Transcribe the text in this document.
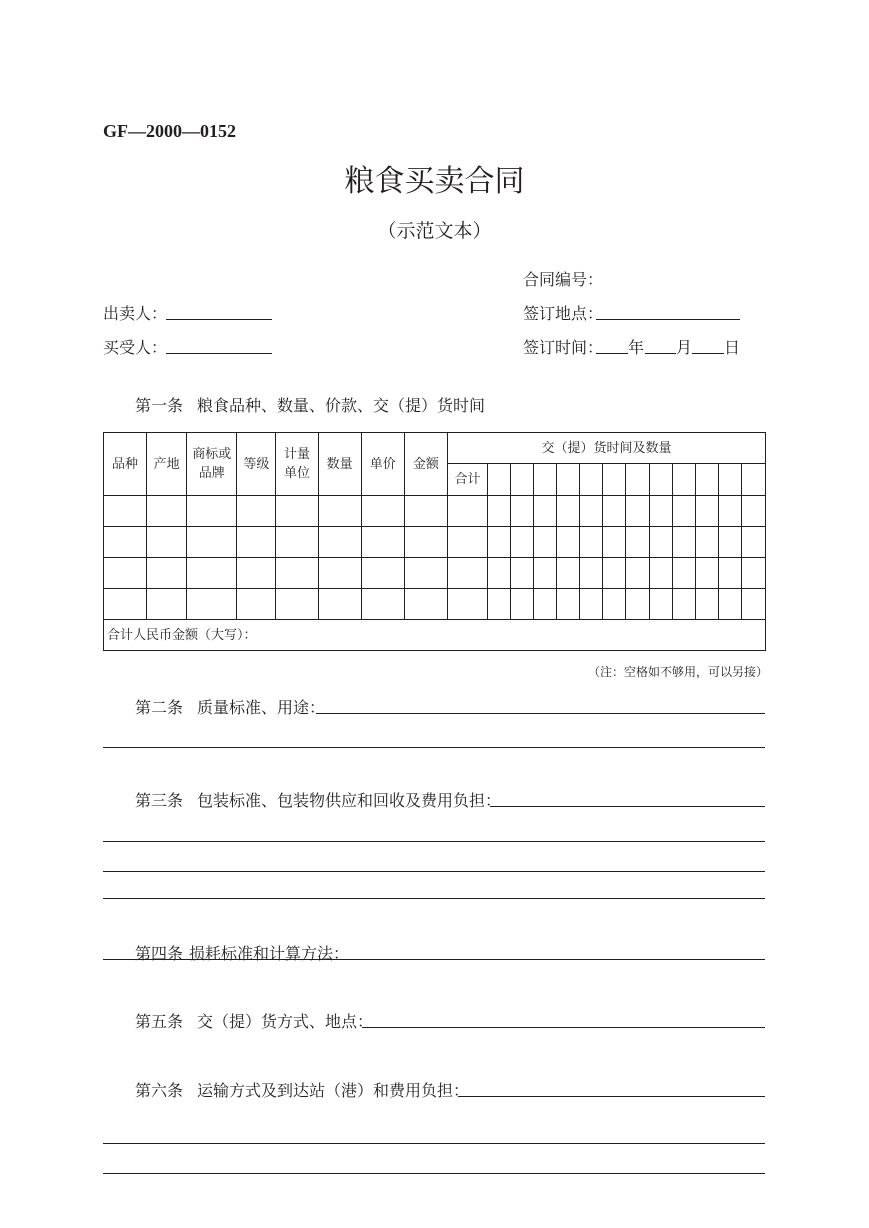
GF—2000—0152
粮食买卖合同
（示范文本）
合同编号：
出卖人：	签订地点：
买受人：	签订时间： 年 月 日
第一条 粮食品种、数量、价款、交（提）货时间
品种	产地	商标或品牌	等级	计量单位	数量	单价	金额	交（提）货时间及数量												
								合计												

合计人民币金额（大写）：																				
（注：空格如不够用，可以另接）
第二条 质量标准、用途：
第三条 包装标准、包装物供应和回收及费用负担：
第四条 损耗标准和计算方法：
第五条 交（提）货方式、地点：
第六条 运输方式及到达站（港）和费用负担：
